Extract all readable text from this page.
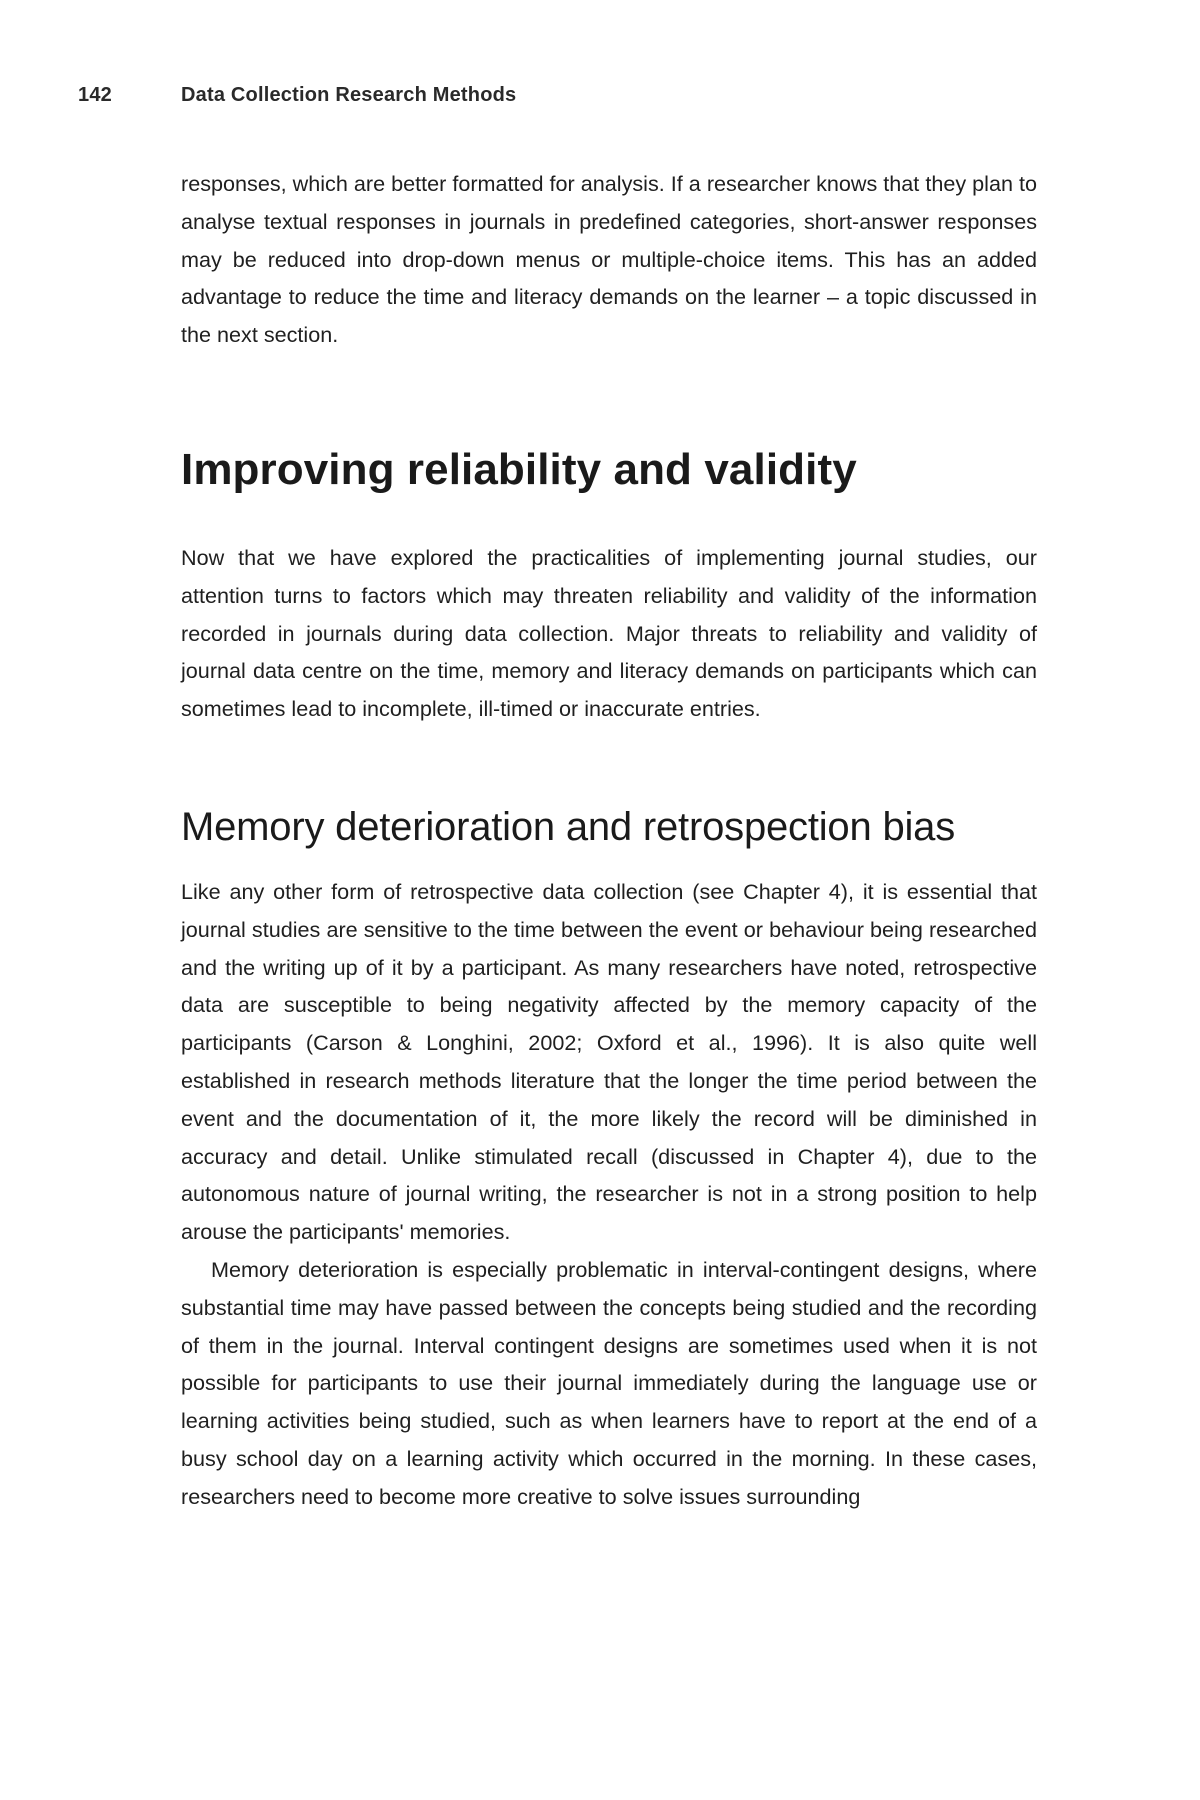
142	Data Collection Research Methods

responses, which are better formatted for analysis. If a researcher knows that they plan to analyse textual responses in journals in predefined categories, short-answer responses may be reduced into drop-down menus or multiple-choice items. This has an added advantage to reduce the time and literacy demands on the learner – a topic discussed in the next section.

Improving reliability and validity

Now that we have explored the practicalities of implementing journal studies, our attention turns to factors which may threaten reliability and validity of the information recorded in journals during data collection. Major threats to reliability and validity of journal data centre on the time, memory and literacy demands on participants which can sometimes lead to incomplete, ill-timed or inaccurate entries.

Memory deterioration and retrospection bias

Like any other form of retrospective data collection (see Chapter 4), it is essential that journal studies are sensitive to the time between the event or behaviour being researched and the writing up of it by a participant. As many researchers have noted, retrospective data are susceptible to being negativity affected by the memory capacity of the participants (Carson & Longhini, 2002; Oxford et al., 1996). It is also quite well established in research methods literature that the longer the time period between the event and the documentation of it, the more likely the record will be diminished in accuracy and detail. Unlike stimulated recall (discussed in Chapter 4), due to the autonomous nature of journal writing, the researcher is not in a strong position to help arouse the participants' memories.

Memory deterioration is especially problematic in interval-contingent designs, where substantial time may have passed between the concepts being studied and the recording of them in the journal. Interval contingent designs are sometimes used when it is not possible for participants to use their journal immediately during the language use or learning activities being studied, such as when learners have to report at the end of a busy school day on a learning activity which occurred in the morning. In these cases, researchers need to become more creative to solve issues surrounding
